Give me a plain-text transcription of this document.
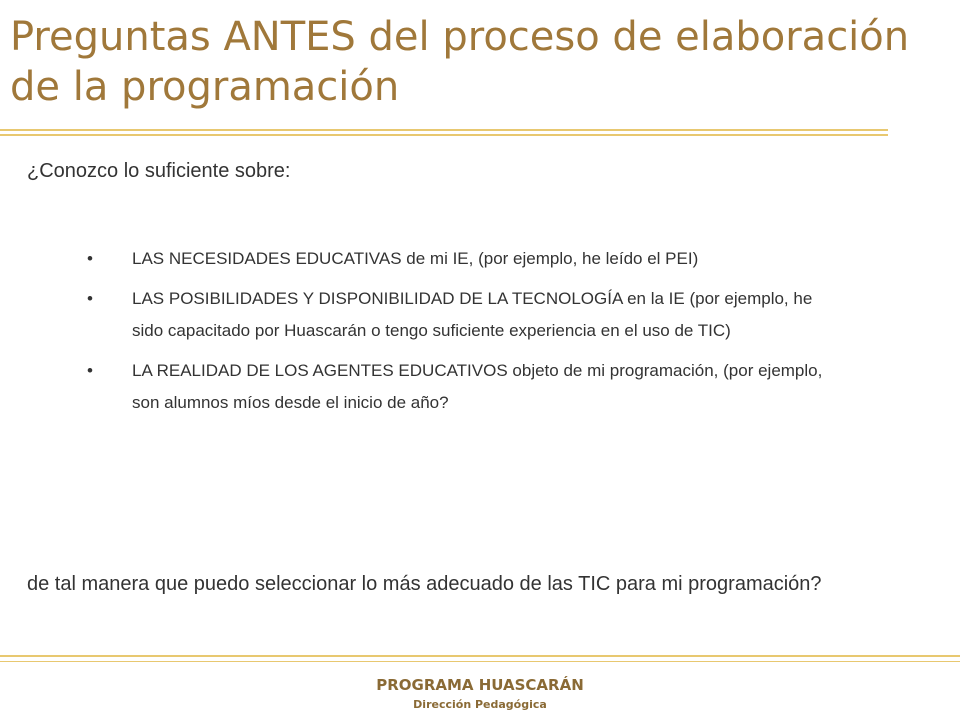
Preguntas ANTES del proceso de elaboración de la programación
¿Conozco lo suficiente sobre:
•	LAS NECESIDADES EDUCATIVAS de mi IE, (por ejemplo, he leído el PEI)
•	LAS POSIBILIDADES Y DISPONIBILIDAD DE LA TECNOLOGÍA en la IE (por ejemplo, he sido capacitado por Huascarán o tengo suficiente experiencia en el uso de TIC)
•	LA REALIDAD DE LOS AGENTES EDUCATIVOS objeto de mi programación, (por ejemplo, son alumnos míos desde el inicio de año?
de tal manera que puedo seleccionar lo más adecuado de las TIC para mi programación?
PROGRAMA HUASCARÁN
Dirección Pedagógica
